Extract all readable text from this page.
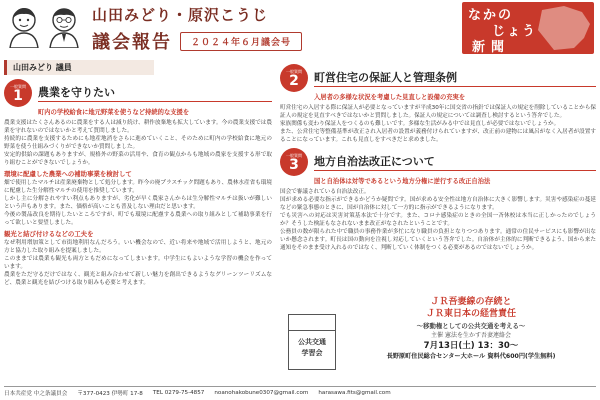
山田みどり・原沢こうじ
議会報告	２０２４年６月議会号
なかの
じょう
新聞
山田みどり 議員
一般質問
1 農業を守りたい
町内の学校給食に地元野菜を使うなど持続的な支援を

農業支援はたくさんあるのに農業をする人は減り続け、耕作放棄地も拡大しています。今の農業支援では農業を守れないのではないかと考えて質問しました。

持続的に農業を支援するためにも地産地消をさらに進めていくこと、そのために町内の学校給食に地元の野菜を使う仕組みづくりができないか質問しました。

安定的供給の課題もありますが、規格外の野菜の活用や、食育の観点からも地域の農家を支援する形で取り組むことができないでしょうか。

環境に配慮した農業への補助事業を検討して

畑で使用したマルチは産業廃棄物として処分します。昨今の廃プラスチック問題もあり、農林水産省も環境に配慮した生分解性マルチの使用を推奨しています。

しかし主に分解されやすい利点もありますが、劣化が早く農家さんからは生分解性マルチは扱いが難しいという声もあります。また、価格が高いことも普及しない理由だと思います。

今後の製品改良を期待したいところですが、町でも環境に配慮する農業への取り組みとして補助事業を行って欲しいと要望しました。

観光と結び付けるなどの工夫を

なぜ利用増加策として市街地利用なんだろう。いい機会なので、近い将来や地域で活用しようと、地元の方と協力した取り組みを提案しました。

このままでは農業も観光も両方ともだめになってしまいます。中学生にもよいような学習の機会を作っています。

農業をただ守るだけではなく、観光と組み合わせて新しい魅力を創出できるようなグリーンツーリズムなど、農業と観光を結びつける取り組みも必要と考えます。

一般質問
2 町営住宅の保証人と管理条例
入居者の多様な状況を考慮した見直しと設備の充実を

町営住宅の入居する際に保証人が必要となっていますが平成30年に国交省の指針では保証人の規定を削除していることから保証人の規定を見直すべきではないかと質問しました。保証人の規定については調査し検討するという答弁でした。

家族関係も変わり保証人をつくるのも難しいです。多様な生活がみる中では見直しが必要ではないでしょうか。

また、公営住宅等整備基準が改正され入居者の設置が義務付けられていますが、改正前の建物には風呂がなく入居者が設置することになっています。これも見直しをすべきだと求めました。

一般質問
3 地方自治法改正について
国と自治体は対等であるという地方分権に逆行する改正自治法

国会で審議されている自治法改正。

国が求める必要な指示ができるかどうか疑問です。国が求める安全性は地方自治体に大きく影響します。災害や感染症の蔓延などの緊急事態のときに、国が自治体に対して一方的に指示ができるようになります。

でも災害への対応は災害対策基本法で十分です。また、コロナ感染症のときの全国一斉休校は本当に正しかったのでしょうか？そうした検証もなされないまま改正がなされたということです。

公務員の数が限られた中で職員の事務作業が多忙になり職員の負担となりつつあります。通常の住民サービスにも影響が出ないか懸念されます。町長は国の動向を注視し対応していくという答弁でした。自治体が主体的に判断できるよう、国から来た通知をそのまま受け入れるのではなく、判断していく体制をつくる必要があるのではないでしょうか。

公共交通
学習会
ＪＲ吾妻線の存続と
ＪＲ東日本の経営責任
～移動権としての公共交通を考える～
主催 憲法を生かす吾妻連絡会
7月13日(土) 13：30～
長野原町住民総合センター大ホール 資料代600円(学生無料)
日本共産党 中之条議員会 〒377-0423 伊勢町 17-8 TEL 0279-75-4857 noanohakobune0307@gmail.com harasawa.fits@gmail.com
